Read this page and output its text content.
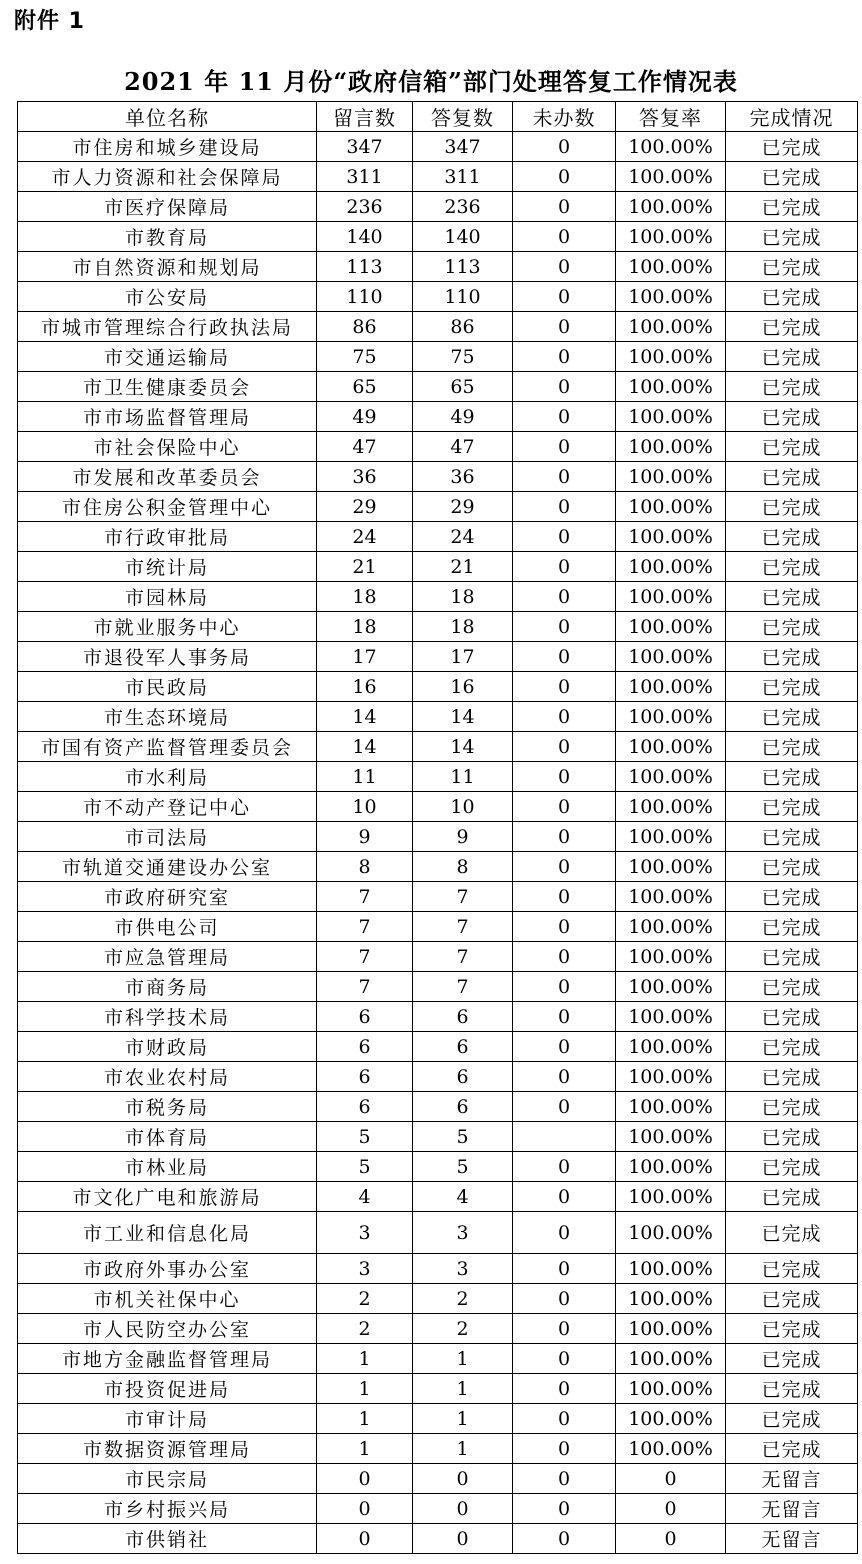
附件 1
2021 年 11 月份“政府信箱”部门处理答复工作情况表
单位名称	留言数	答复数	未办数	答复率	完成情况
市住房和城乡建设局	347	347	0	100.00%	已完成
市人力资源和社会保障局	311	311	0	100.00%	已完成
市医疗保障局	236	236	0	100.00%	已完成
市教育局	140	140	0	100.00%	已完成
市自然资源和规划局	113	113	0	100.00%	已完成
市公安局	110	110	0	100.00%	已完成
市城市管理综合行政执法局	86	86	0	100.00%	已完成
市交通运输局	75	75	0	100.00%	已完成
市卫生健康委员会	65	65	0	100.00%	已完成
市市场监督管理局	49	49	0	100.00%	已完成
市社会保险中心	47	47	0	100.00%	已完成
市发展和改革委员会	36	36	0	100.00%	已完成
市住房公积金管理中心	29	29	0	100.00%	已完成
市行政审批局	24	24	0	100.00%	已完成
市统计局	21	21	0	100.00%	已完成
市园林局	18	18	0	100.00%	已完成
市就业服务中心	18	18	0	100.00%	已完成
市退役军人事务局	17	17	0	100.00%	已完成
市民政局	16	16	0	100.00%	已完成
市生态环境局	14	14	0	100.00%	已完成
市国有资产监督管理委员会	14	14	0	100.00%	已完成
市水利局	11	11	0	100.00%	已完成
市不动产登记中心	10	10	0	100.00%	已完成
市司法局	9	9	0	100.00%	已完成
市轨道交通建设办公室	8	8	0	100.00%	已完成
市政府研究室	7	7	0	100.00%	已完成
市供电公司	7	7	0	100.00%	已完成
市应急管理局	7	7	0	100.00%	已完成
市商务局	7	7	0	100.00%	已完成
市科学技术局	6	6	0	100.00%	已完成
市财政局	6	6	0	100.00%	已完成
市农业农村局	6	6	0	100.00%	已完成
市税务局	6	6	0	100.00%	已完成
市体育局	5	5		100.00%	已完成
市林业局	5	5	0	100.00%	已完成
市文化广电和旅游局	4	4	0	100.00%	已完成
市工业和信息化局	3	3	0	100.00%	已完成
市政府外事办公室	3	3	0	100.00%	已完成
市机关社保中心	2	2	0	100.00%	已完成
市人民防空办公室	2	2	0	100.00%	已完成
市地方金融监督管理局	1	1	0	100.00%	已完成
市投资促进局	1	1	0	100.00%	已完成
市审计局	1	1	0	100.00%	已完成
市数据资源管理局	1	1	0	100.00%	已完成
市民宗局	0	0	0	0	无留言
市乡村振兴局	0	0	0	0	无留言
市供销社	0	0	0	0	无留言
